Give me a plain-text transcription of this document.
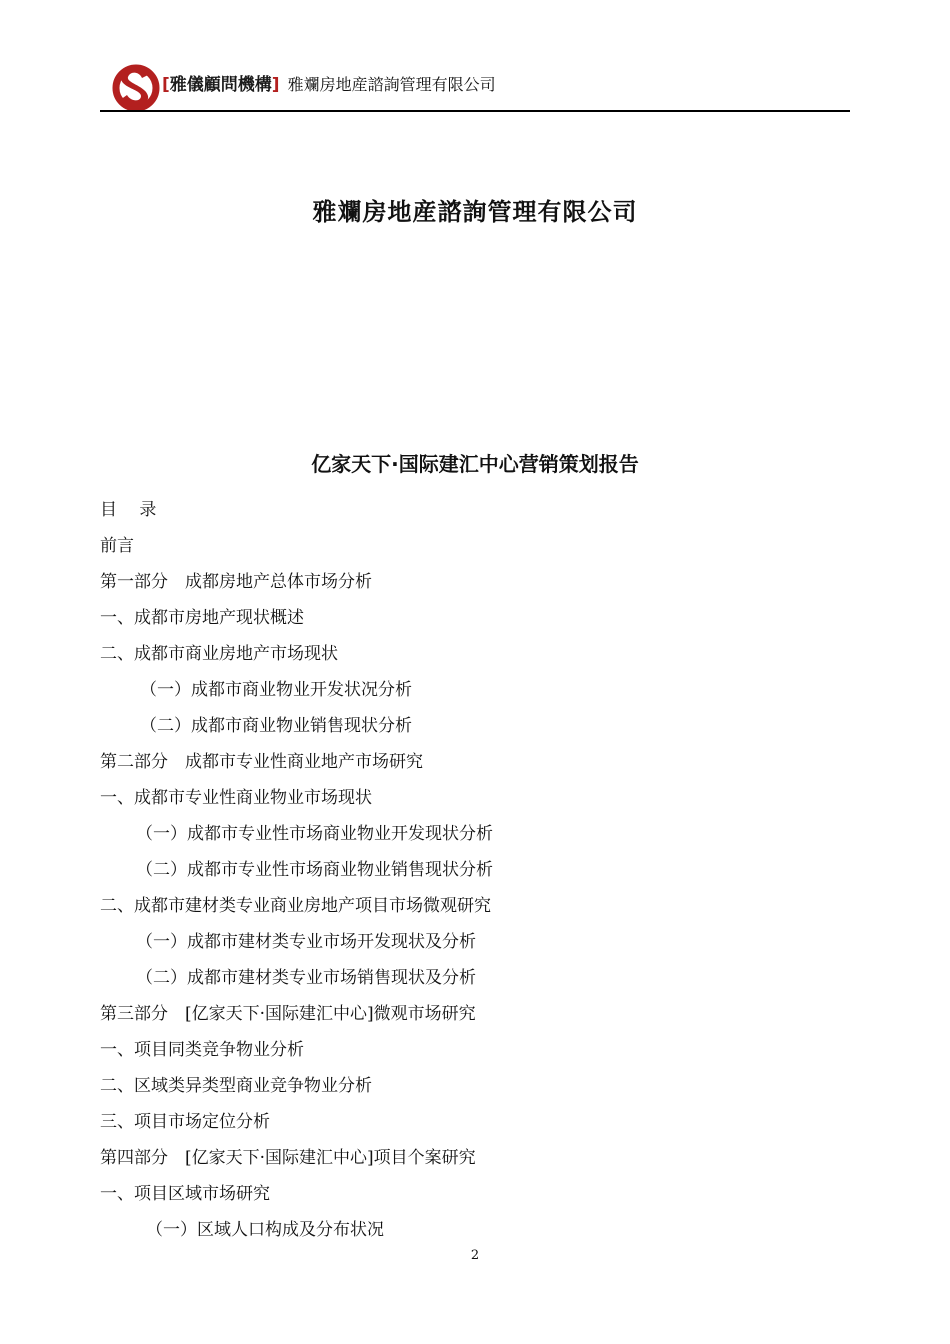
[雅儀顧問機構] 雅斕房地産諮詢管理有限公司
雅斕房地産諮詢管理有限公司
亿家天下·国际建汇中心营销策划报告
目　 录
前言
第一部分　成都房地产总体市场分析
一、成都市房地产现状概述
二、成都市商业房地产市场现状
（一）成都市商业物业开发状况分析
（二）成都市商业物业销售现状分析
第二部分　成都市专业性商业地产市场研究
一、成都市专业性商业物业市场现状
（一）成都市专业性市场商业物业开发现状分析
（二）成都市专业性市场商业物业销售现状分析
二、成都市建材类专业商业房地产项目市场微观研究
（一）成都市建材类专业市场开发现状及分析
（二）成都市建材类专业市场销售现状及分析
第三部分　[亿家天下·国际建汇中心]微观市场研究
一、项目同类竞争物业分析
二、区域类异类型商业竞争物业分析
三、项目市场定位分析
第四部分　[亿家天下·国际建汇中心]项目个案研究
一、项目区域市场研究
（一）区域人口构成及分布状况
2
